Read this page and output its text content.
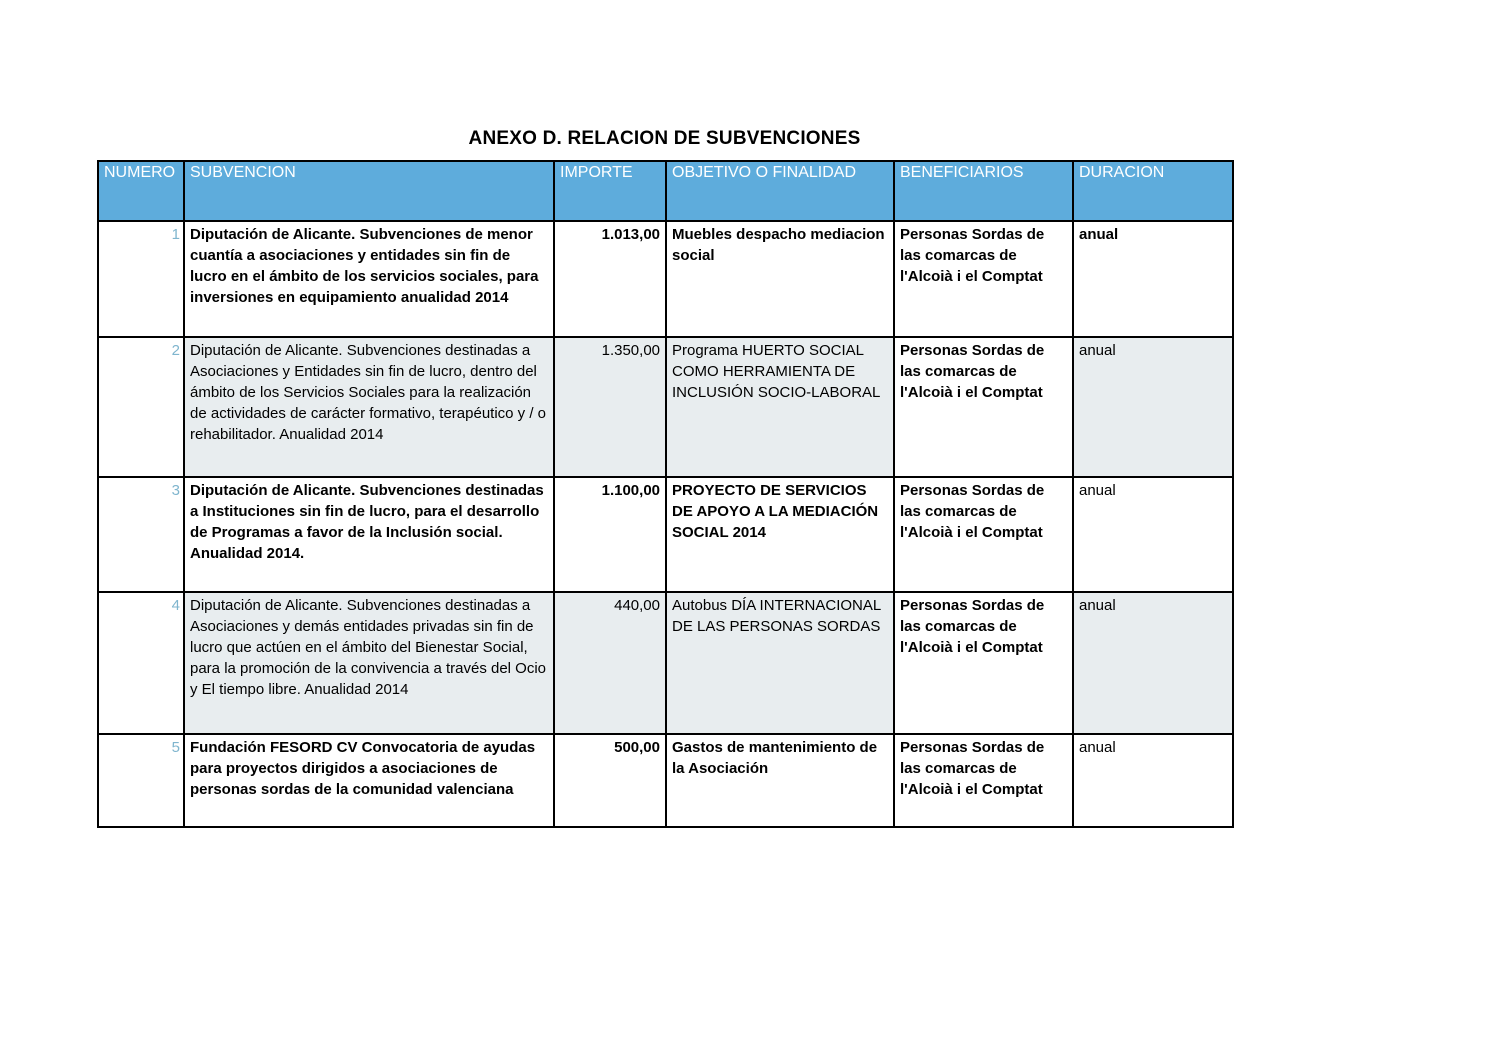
ANEXO D. RELACION DE SUBVENCIONES
NUMERO	SUBVENCION	IMPORTE	OBJETIVO O FINALIDAD	BENEFICIARIOS	DURACION
1	Diputación de Alicante. Subvenciones de menor cuantía a asociaciones y entidades sin fin de lucro en el ámbito de los servicios sociales, para inversiones en equipamiento anualidad 2014	1.013,00	Muebles despacho mediacion social	Personas Sordas de las comarcas de l'Alcoià i el Comptat	anual
2	Diputación de Alicante. Subvenciones destinadas a Asociaciones y Entidades sin fin de lucro, dentro del ámbito de los Servicios Sociales para la realización de actividades de carácter formativo, terapéutico y / o rehabilitador. Anualidad 2014	1.350,00	Programa HUERTO SOCIAL COMO HERRAMIENTA DE INCLUSIÓN SOCIO-LABORAL	Personas Sordas de las comarcas de l'Alcoià i el Comptat	anual
3	Diputación de Alicante. Subvenciones destinadas a Instituciones sin fin de lucro, para el desarrollo de Programas a favor de la Inclusión social. Anualidad 2014.	1.100,00	PROYECTO DE SERVICIOS DE APOYO A LA MEDIACIÓN SOCIAL 2014	Personas Sordas de las comarcas de l'Alcoià i el Comptat	anual
4	Diputación de Alicante. Subvenciones destinadas a Asociaciones y demás entidades privadas sin fin de lucro que actúen en el ámbito del Bienestar Social, para la promoción de la convivencia a través del Ocio y El tiempo libre. Anualidad 2014	440,00	Autobus DÍA INTERNACIONAL DE LAS PERSONAS SORDAS	Personas Sordas de las comarcas de l'Alcoià i el Comptat	anual
5	Fundación FESORD CV Convocatoria de ayudas para proyectos dirigidos a asociaciones de personas sordas de la comunidad valenciana	500,00	Gastos de mantenimiento de la Asociación	Personas Sordas de las comarcas de l'Alcoià i el Comptat	anual
